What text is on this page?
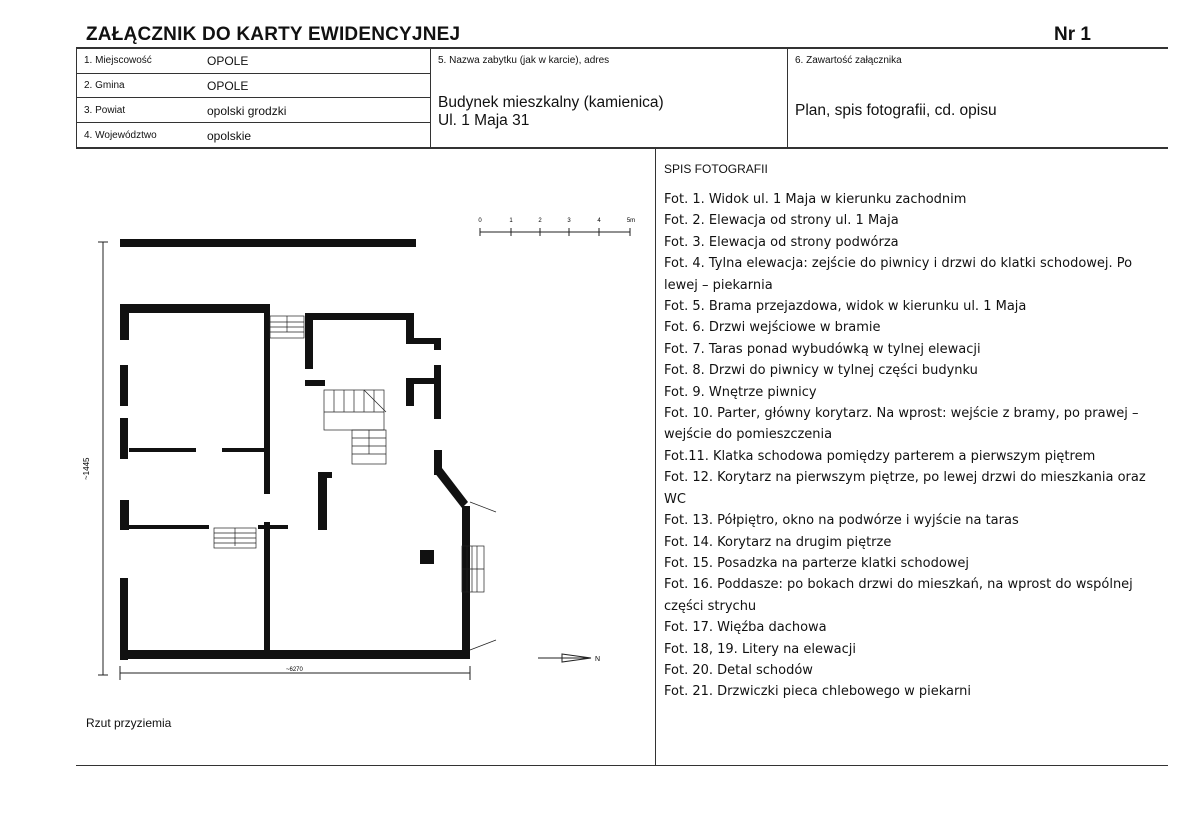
ZAŁĄCZNIK DO KARTY EWIDENCYJNEJ	Nr 1
1. Miejscowość	OPOLE
2. Gmina	OPOLE
3. Powiat	opolski grodzki
4. Województwo	opolskie
5. Nazwa zabytku (jak w karcie), adres
Budynek mieszkalny (kamienica)
Ul. 1 Maja 31
6. Zawartość załącznika
Plan, spis fotografii, cd. opisu
0	1	2	3	4	5m
~1445
~6270
N
Rzut przyziemia
SPIS FOTOGRAFII
Fot. 1. Widok ul. 1 Maja w kierunku zachodnim
Fot. 2. Elewacja od strony ul. 1 Maja
Fot. 3. Elewacja od strony podwórza
Fot. 4. Tylna elewacja: zejście do piwnicy i drzwi do klatki schodowej. Po lewej – piekarnia
Fot. 5. Brama przejazdowa, widok w kierunku ul. 1 Maja
Fot. 6. Drzwi wejściowe w bramie
Fot. 7. Taras ponad wybudówką w tylnej elewacji
Fot. 8. Drzwi do piwnicy w tylnej części budynku
Fot. 9. Wnętrze piwnicy
Fot. 10. Parter, główny korytarz. Na wprost: wejście z bramy, po prawej – wejście do pomieszczenia
Fot.11. Klatka schodowa pomiędzy parterem a pierwszym piętrem
Fot. 12. Korytarz na pierwszym piętrze, po lewej drzwi do mieszkania oraz WC
Fot. 13. Półpiętro, okno na podwórze i wyjście na taras
Fot. 14. Korytarz na drugim piętrze
Fot. 15. Posadzka na parterze klatki schodowej
Fot. 16. Poddasze: po bokach drzwi do mieszkań, na wprost do wspólnej części strychu
Fot. 17. Więźba dachowa
Fot. 18, 19. Litery na elewacji
Fot. 20. Detal schodów
Fot. 21. Drzwiczki pieca chlebowego w piekarni
